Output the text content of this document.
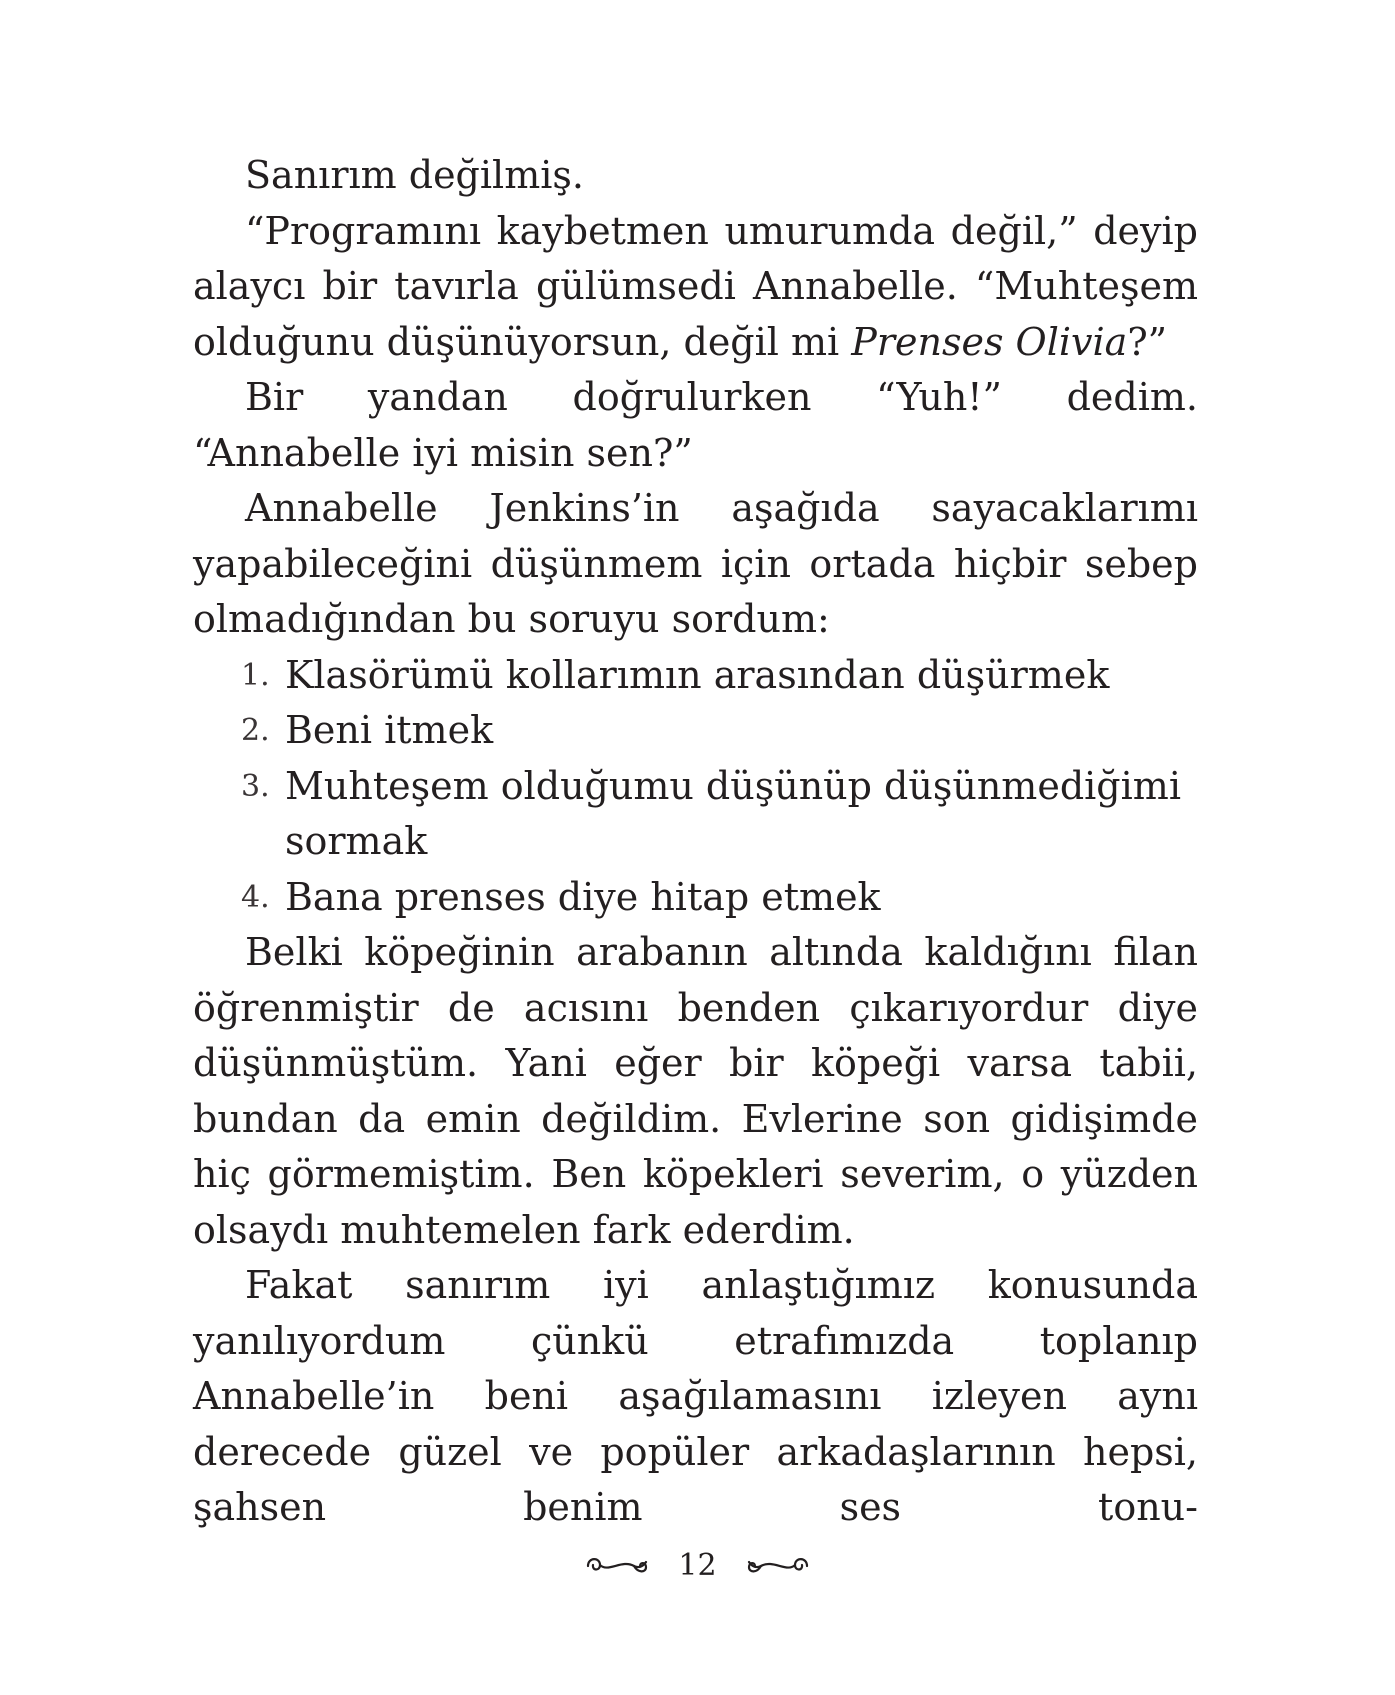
Sanırım değilmiş.

“Programını kaybetmen umurumda değil,” deyip alaycı bir tavırla gülümsedi Annabelle. “Muhteşem olduğunu düşünüyorsun, değil mi Prenses Olivia?”

Bir yandan doğrulurken “Yuh!” dedim. “Annabelle iyi misin sen?”

Annabelle Jenkins’in aşağıda sayacaklarımı yapabileceğini düşünmem için ortada hiçbir sebep olmadığından bu soruyu sordum:

1. Klasörümü kollarımın arasından düşürmek
2. Beni itmek
3. Muhteşem olduğumu düşünüp düşünmediğimi sormak
4. Bana prenses diye hitap etmek

Belki köpeğinin arabanın altında kaldığını filan öğrenmiştir de acısını benden çıkarıyordur diye düşünmüştüm. Yani eğer bir köpeği varsa tabii, bundan da emin değildim. Evlerine son gidişimde hiç görmemiştim. Ben köpekleri severim, o yüzden olsaydı muhtemelen fark ederdim.

Fakat sanırım iyi anlaştığımız konusunda yanılıyordum çünkü etrafımızda toplanıp Annabelle’in beni aşağılamasını izleyen aynı derecede güzel ve popüler arkadaşlarının hepsi, şahsen benim ses tonu-

12
